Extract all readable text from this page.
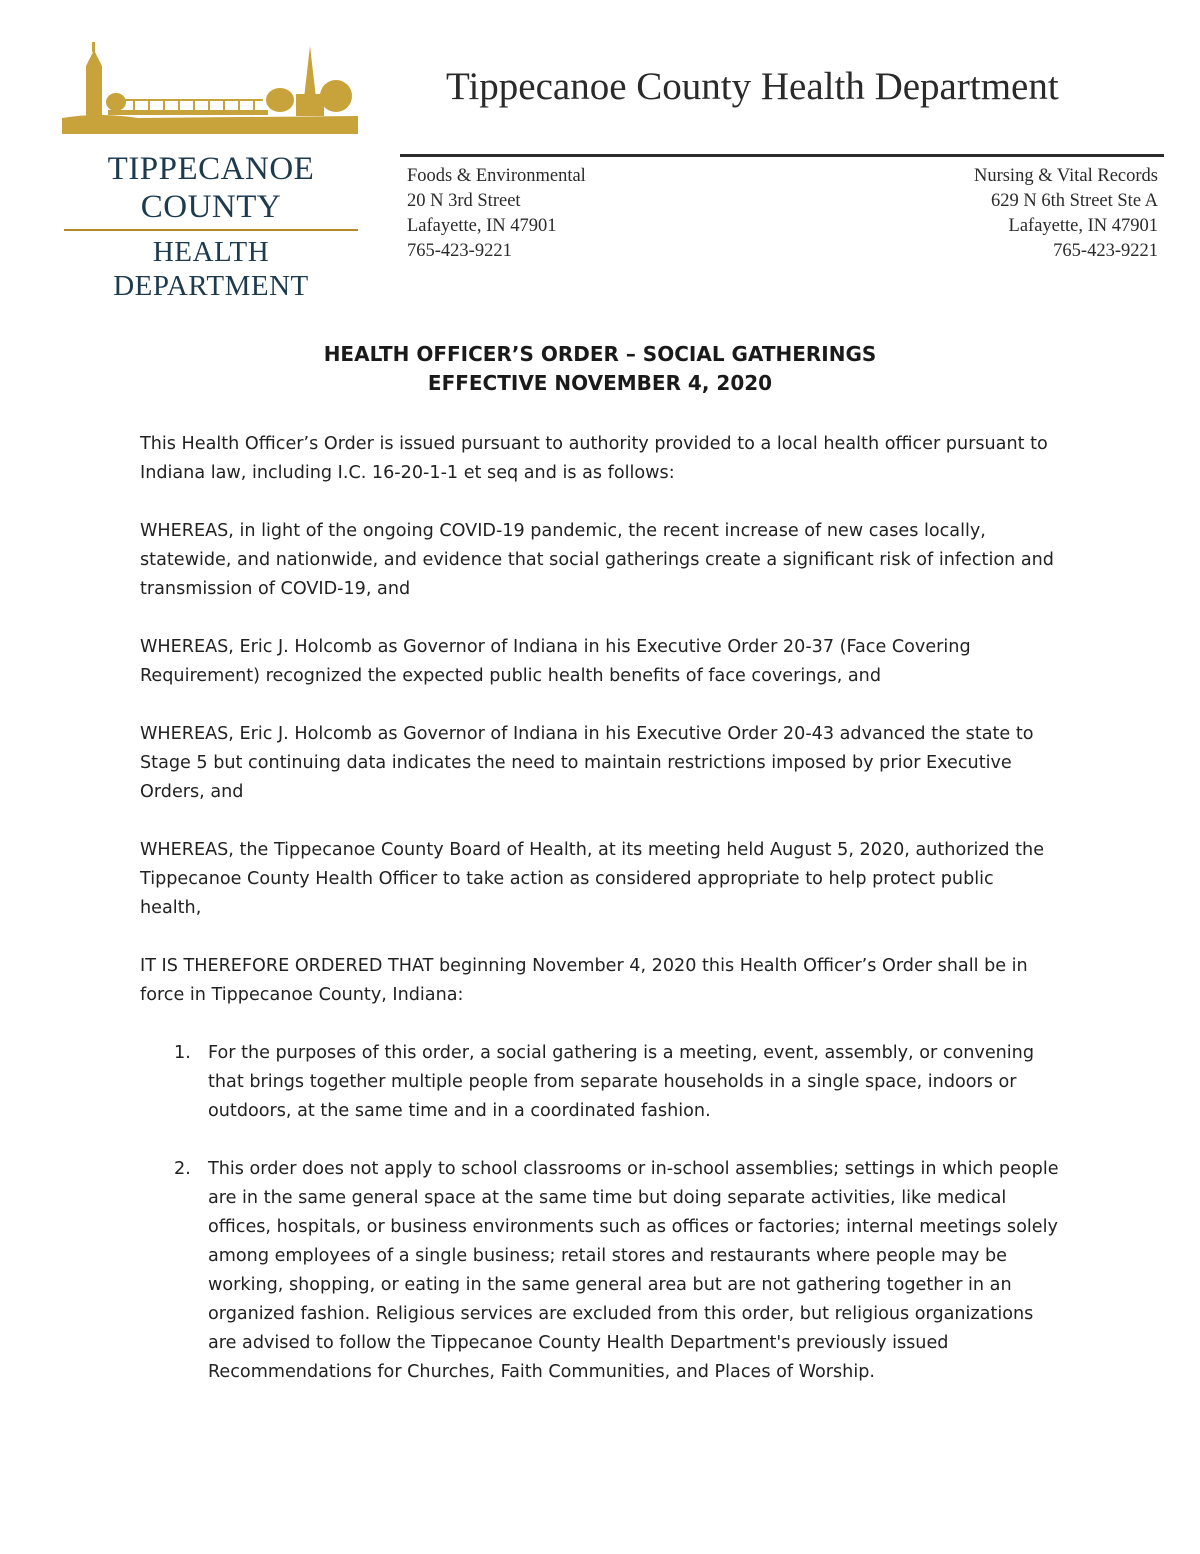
TIPPECANOE COUNTY
HEALTH DEPARTMENT
Tippecanoe County Health Department
Foods & Environmental
20 N 3rd Street
Lafayette, IN 47901
765-423-9221
Nursing & Vital Records
629 N 6th Street Ste A
Lafayette, IN 47901
765-423-9221
HEALTH OFFICER’S ORDER – SOCIAL GATHERINGS
EFFECTIVE NOVEMBER 4, 2020

This Health Officer’s Order is issued pursuant to authority provided to a local health officer pursuant to Indiana law, including I.C. 16-20-1-1 et seq and is as follows:

WHEREAS, in light of the ongoing COVID-19 pandemic, the recent increase of new cases locally, statewide, and nationwide, and evidence that social gatherings create a significant risk of infection and transmission of COVID-19, and

WHEREAS, Eric J. Holcomb as Governor of Indiana in his Executive Order 20-37 (Face Covering Requirement) recognized the expected public health benefits of face coverings, and

WHEREAS, Eric J. Holcomb as Governor of Indiana in his Executive Order 20-43 advanced the state to Stage 5 but continuing data indicates the need to maintain restrictions imposed by prior Executive Orders, and

WHEREAS, the Tippecanoe County Board of Health, at its meeting held August 5, 2020, authorized the Tippecanoe County Health Officer to take action as considered appropriate to help protect public health,

IT IS THEREFORE ORDERED THAT beginning November 4, 2020 this Health Officer’s Order shall be in force in Tippecanoe County, Indiana:

1. For the purposes of this order, a social gathering is a meeting, event, assembly, or convening that brings together multiple people from separate households in a single space, indoors or outdoors, at the same time and in a coordinated fashion.
2. This order does not apply to school classrooms or in-school assemblies; settings in which people are in the same general space at the same time but doing separate activities, like medical offices, hospitals, or business environments such as offices or factories; internal meetings solely among employees of a single business; retail stores and restaurants where people may be working, shopping, or eating in the same general area but are not gathering together in an organized fashion. Religious services are excluded from this order, but religious organizations are advised to follow the Tippecanoe County Health Department's previously issued Recommendations for Churches, Faith Communities, and Places of Worship.
